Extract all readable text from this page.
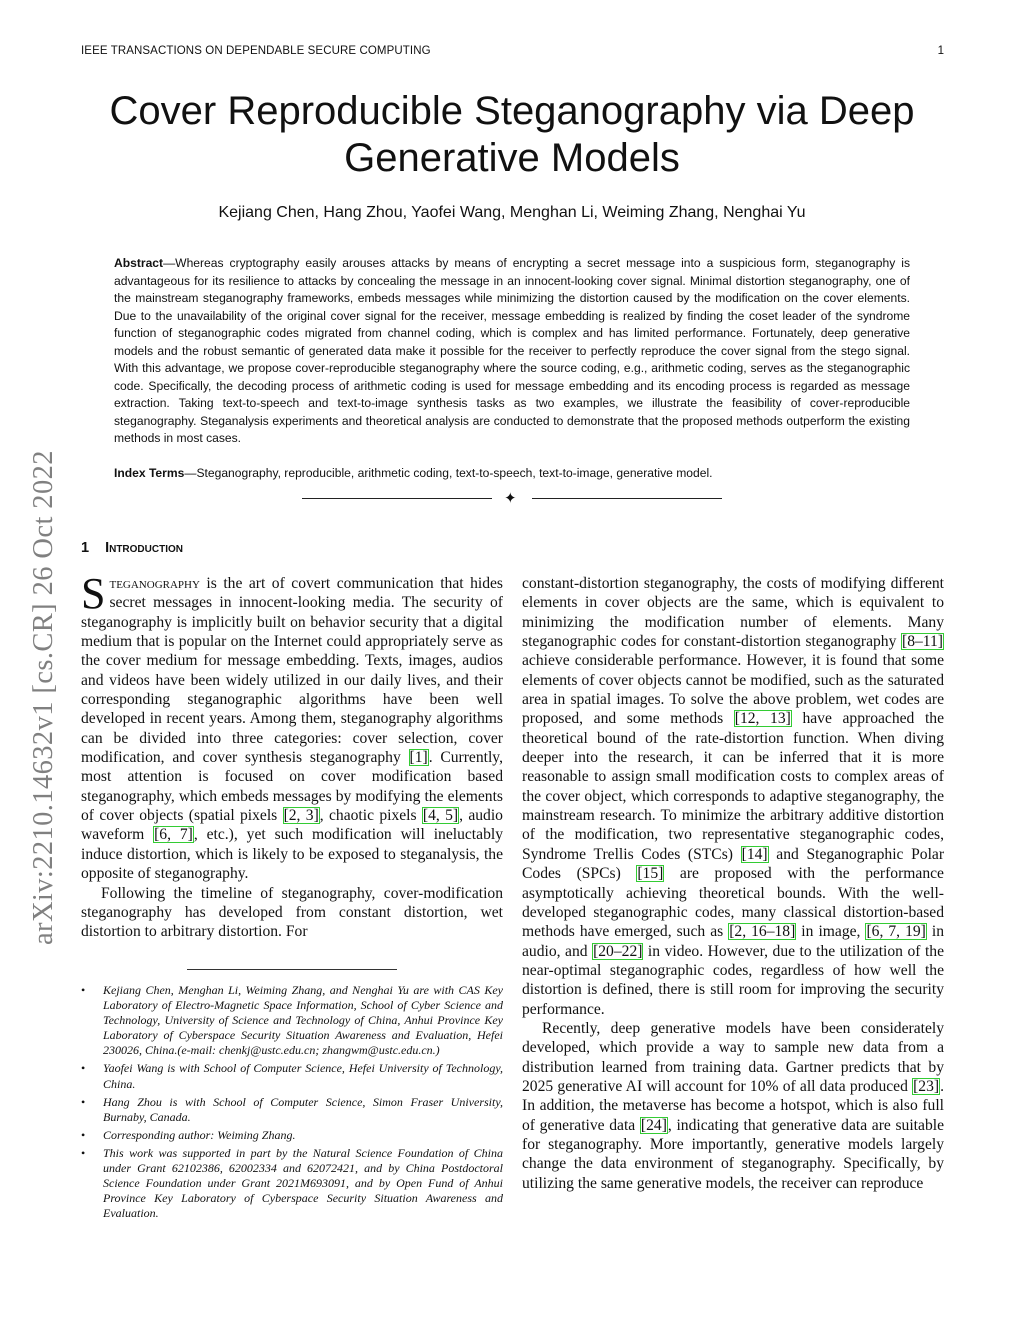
IEEE TRANSACTIONS ON DEPENDABLE SECURE COMPUTING	1
Cover Reproducible Steganography via Deep Generative Models
Kejiang Chen, Hang Zhou, Yaofei Wang, Menghan Li, Weiming Zhang, Nenghai Yu
Abstract—Whereas cryptography easily arouses attacks by means of encrypting a secret message into a suspicious form, steganography is advantageous for its resilience to attacks by concealing the message in an innocent-looking cover signal. Minimal distortion steganography, one of the mainstream steganography frameworks, embeds messages while minimizing the distortion caused by the modification on the cover elements. Due to the unavailability of the original cover signal for the receiver, message embedding is realized by finding the coset leader of the syndrome function of steganographic codes migrated from channel coding, which is complex and has limited performance. Fortunately, deep generative models and the robust semantic of generated data make it possible for the receiver to perfectly reproduce the cover signal from the stego signal. With this advantage, we propose cover-reproducible steganography where the source coding, e.g., arithmetic coding, serves as the steganographic code. Specifically, the decoding process of arithmetic coding is used for message embedding and its encoding process is regarded as message extraction. Taking text-to-speech and text-to-image synthesis tasks as two examples, we illustrate the feasibility of cover-reproducible steganography. Steganalysis experiments and theoretical analysis are conducted to demonstrate that the proposed methods outperform the existing methods in most cases.
Index Terms—Steganography, reproducible, arithmetic coding, text-to-speech, text-to-image, generative model.
✦
arXiv:2210.14632v1 [cs.CR] 26 Oct 2022 1 Introduction

Steganography is the art of covert communication that hides secret messages in innocent-looking media. The security of steganography is implicitly built on behavior security that a digital medium that is popular on the Internet could appropriately serve as the cover medium for message embedding. Texts, images, audios and videos have been widely utilized in our daily lives, and their corresponding steganographic algorithms have been well developed in recent years. Among them, steganography algorithms can be divided into three categories: cover selection, cover modification, and cover synthesis steganography [1]. Currently, most attention is focused on cover modification based steganography, which embeds messages by modifying the elements of cover objects (spatial pixels [2, 3], chaotic pixels [4, 5], audio waveform [6, 7], etc.), yet such modification will ineluctably induce distortion, which is likely to be exposed to steganalysis, the opposite of steganography.

Following the timeline of steganography, cover-modification steganography has developed from constant distortion, wet distortion to arbitrary distortion. For

• Kejiang Chen, Menghan Li, Weiming Zhang, and Nenghai Yu are with CAS Key Laboratory of Electro-Magnetic Space Information, School of Cyber Science and Technology, University of Science and Technology of China, Anhui Province Key Laboratory of Cyberspace Security Situation Awareness and Evaluation, Hefei 230026, China.(e-mail: chenkj@ustc.edu.cn; zhangwm@ustc.edu.cn.)
• Yaofei Wang is with School of Computer Science, Hefei University of Technology, China.
• Hang Zhou is with School of Computer Science, Simon Fraser University, Burnaby, Canada.
• Corresponding author: Weiming Zhang.
• This work was supported in part by the Natural Science Foundation of China under Grant 62102386, 62002334 and 62072421, and by China Postdoctoral Science Foundation under Grant 2021M693091, and by Open Fund of Anhui Province Key Laboratory of Cyberspace Security Situation Awareness and Evaluation.

constant-distortion steganography, the costs of modifying different elements in cover objects are the same, which is equivalent to minimizing the modification number of elements. Many steganographic codes for constant-distortion steganography [8–11] achieve considerable performance. However, it is found that some elements of cover objects cannot be modified, such as the saturated area in spatial images. To solve the above problem, wet codes are proposed, and some methods [12, 13] have approached the theoretical bound of the rate-distortion function. When diving deeper into the research, it can be inferred that it is more reasonable to assign small modification costs to complex areas of the cover object, which corresponds to adaptive steganography, the mainstream research. To minimize the arbitrary additive distortion of the modification, two representative steganographic codes, Syndrome Trellis Codes (STCs) [14] and Steganographic Polar Codes (SPCs) [15] are proposed with the performance asymptotically achieving theoretical bounds. With the well-developed steganographic codes, many classical distortion-based methods have emerged, such as [2, 16–18] in image, [6, 7, 19] in audio, and [20–22] in video. However, due to the utilization of the near-optimal steganographic codes, regardless of how well the distortion is defined, there is still room for improving the security performance.

Recently, deep generative models have been considerately developed, which provide a way to sample new data from a distribution learned from training data. Gartner predicts that by 2025 generative AI will account for 10% of all data produced [23]. In addition, the metaverse has become a hotspot, which is also full of generative data [24], indicating that generative data are suitable for steganography. More importantly, generative models largely change the data environment of steganography. Specifically, by utilizing the same generative models, the receiver can reproduce
